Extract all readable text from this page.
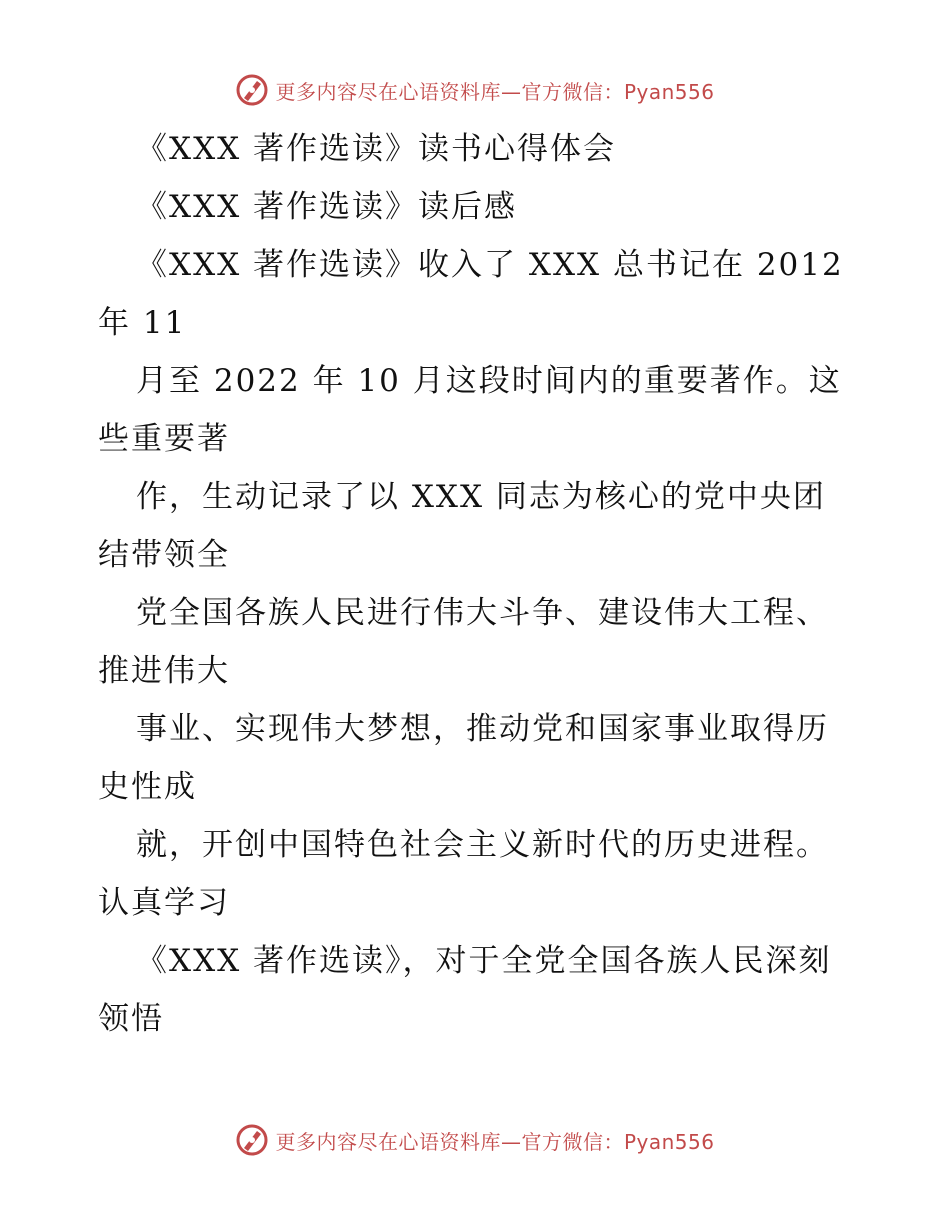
更多内容尽在心语资料库—官方微信：Pyan556
《XXX 著作选读》读书心得体会
《XXX 著作选读》读后感
《XXX 著作选读》收入了 XXX 总书记在 2012
年 11
月至 2022 年 10 月这段时间内的重要著作。这
些重要著
作，生动记录了以 XXX 同志为核心的党中央团
结带领全
党全国各族人民进行伟大斗争、建设伟大工程、
推进伟大
事业、实现伟大梦想，推动党和国家事业取得历
史性成
就，开创中国特色社会主义新时代的历史进程。
认真学习
《XXX 著作选读》，对于全党全国各族人民深刻
领悟
更多内容尽在心语资料库—官方微信：Pyan556
